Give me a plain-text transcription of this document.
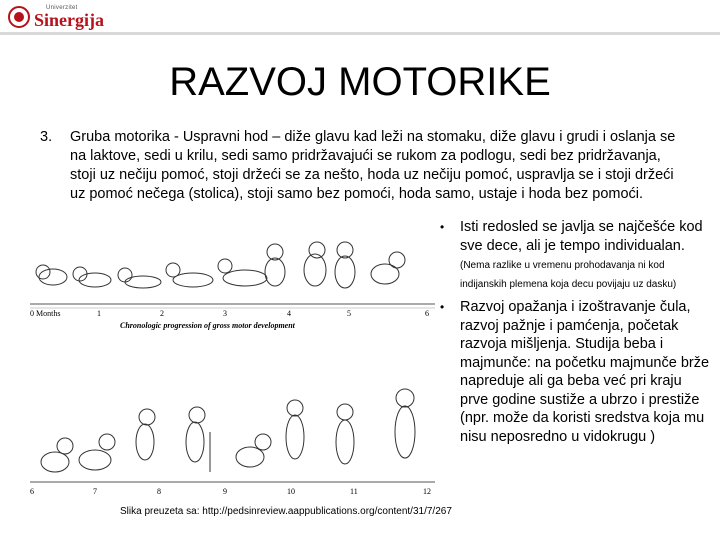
Univerzitet
Sinergija
RAZVOJ MOTORIKE
3. Gruba motorika - Uspravni hod – diže glavu kad leži na stomaku, diže glavu i grudi i oslanja se na laktove, sedi u krilu, sedi samo pridržavajući se rukom za podlogu, sedi bez pridržavanja, stoji uz nečiju pomoć, stoji držeći se za nešto, hoda uz nečiju pomoć, uspravlja se i stoji držeći uz pomoć nečega (stolica), stoji samo bez pomoći, hoda samo, ustaje i hoda bez pomoći.
0 Months	1	2	3	4	5	6
Chronologic progression of gross motor development
6	7	8	9	10	11	12
• Isti redosled se javlja se najčešće kod sve dece, ali je tempo individualan. (Nema razlike u vremenu prohodavanja ni kod indijanskih plemena koja decu povijaju uz dasku)
• Razvoj opažanja i izoštravanje čula, razvoj pažnje i pamćenja, početak razvoja mišljenja. Studija beba i majmunče: na početku majmunče brže napreduje ali ga beba već pri kraju prve godine sustiže a ubrzo i prestiže (npr. može da koristi sredstva koja mu nisu neposredno u vidokrugu )
Slika preuzeta sa: http://pedsinreview.aappublications.org/content/31/7/267
